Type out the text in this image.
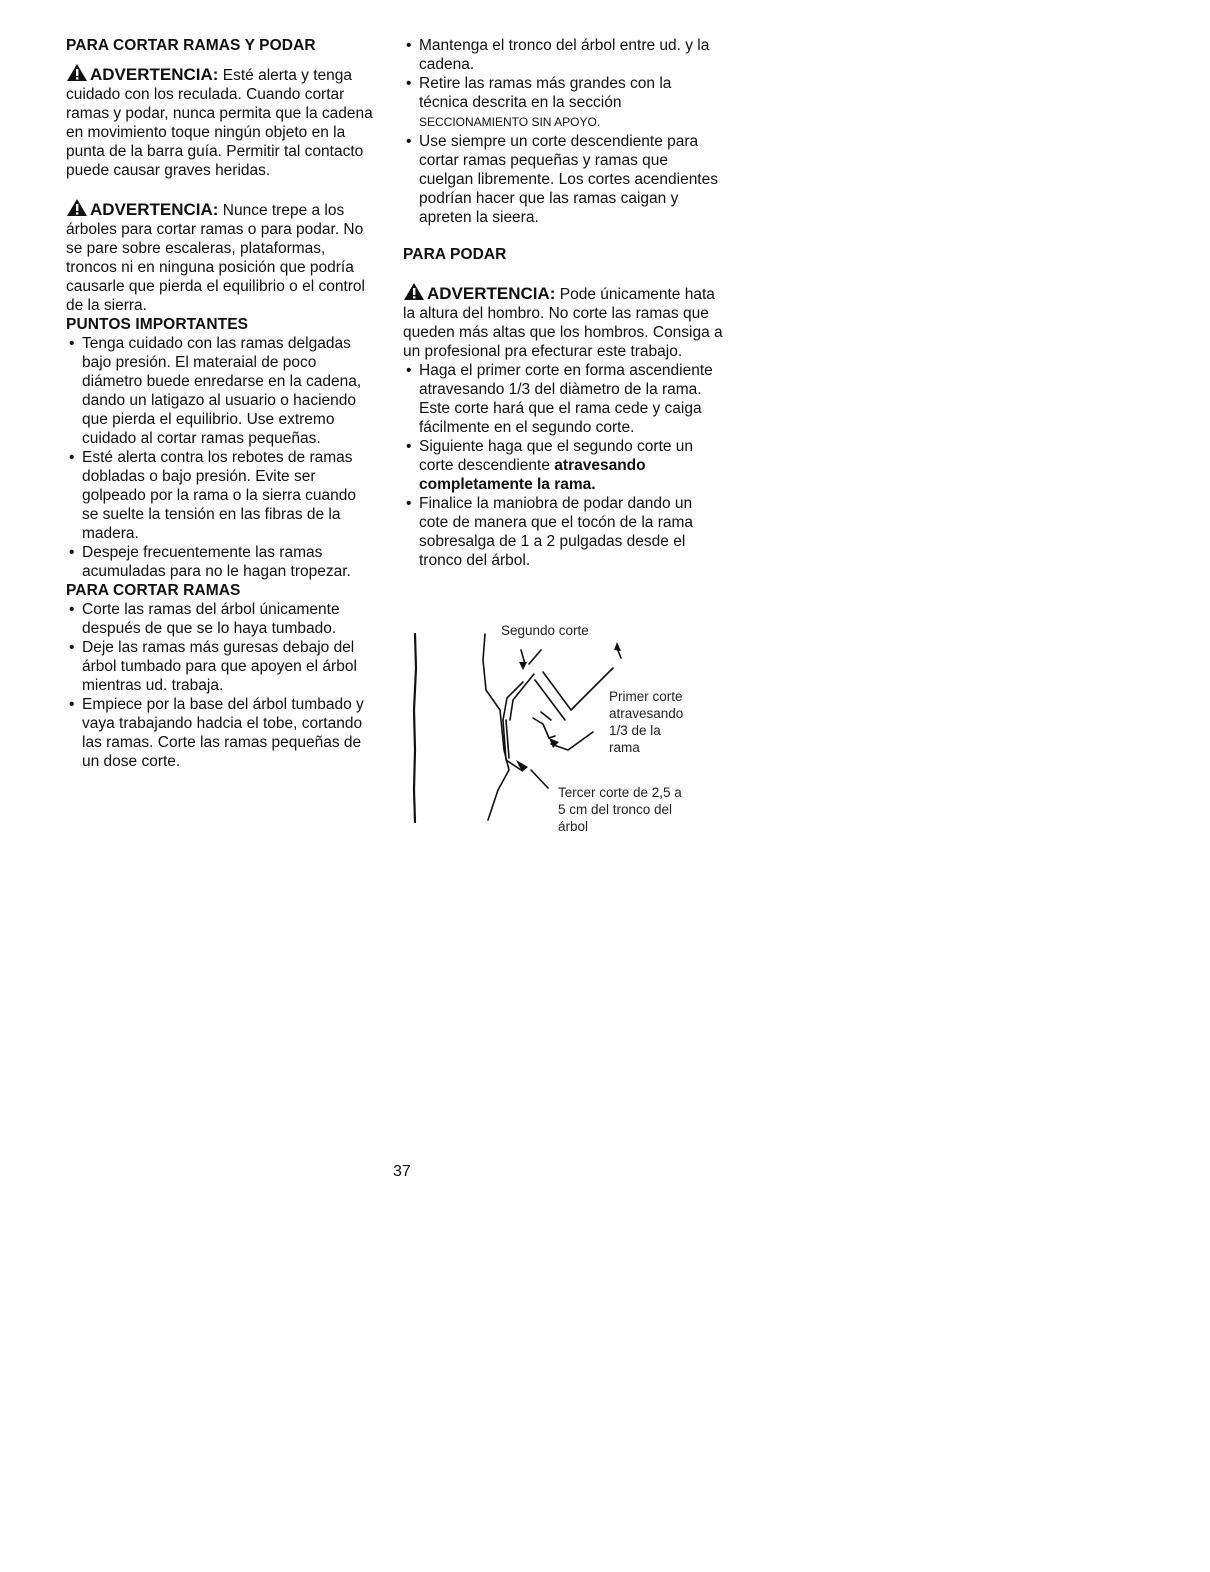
PARA CORTAR RAMAS Y PODAR

ADVERTENCIA: Esté alerta y tenga cuidado con los reculada. Cuando cortar ramas y podar, nunca permita que la cadena en movimiento toque ningún objeto en la punta de la barra guía. Permitir tal contacto puede causar graves heridas.

ADVERTENCIA: Nunce trepe a los árboles para cortar ramas o para podar. No se pare sobre escaleras, plataformas, troncos ni en ninguna posición que podría causarle que pierda el equilibrio o el control de la sierra.

PUNTOS IMPORTANTES

• Tenga cuidado con las ramas delgadas bajo presión. El materaial de poco diámetro buede enredarse en la cadena, dando un latigazo al usuario o haciendo que pierda el equilibrio. Use extremo cuidado al cortar ramas pequeñas.
• Esté alerta contra los rebotes de ramas dobladas o bajo presión. Evite ser golpeado por la rama o la sierra cuando se suelte la tensión en las fibras de la madera.
• Despeje frecuentemente las ramas acumuladas para no le hagan tropezar.

PARA CORTAR RAMAS

• Corte las ramas del árbol únicamente después de que se lo haya tumbado.
• Deje las ramas más guresas debajo del árbol tumbado para que apoyen el árbol mientras ud. trabaja.
• Empiece por la base del árbol tumbado y vaya trabajando hadcia el tobe, cortando las ramas. Corte las ramas pequeñas de un dose corte.
• Mantenga el tronco del árbol entre ud. y la cadena.
• Retire las ramas más grandes con la técnica descrita en la sección SECCIONAMIENTO SIN APOYO.
• Use siempre un corte descendiente para cortar ramas pequeñas y ramas que cuelgan libremente. Los cortes acendientes podrían hacer que las ramas caigan y apreten la sieera.

PARA PODAR

ADVERTENCIA: Pode únicamente hata la altura del hombro. No corte las ramas que queden más altas que los hombros. Consiga a un profesional pra efecturar este trabajo.

• Haga el primer corte en forma ascendiente atravesando 1/3 del diàmetro de la rama. Este corte hará que el rama cede y caiga fácilmente en el segundo corte.
• Siguiente haga que el segundo corte un corte descendiente atravesando completamente la rama.
• Finalice la maniobra de podar dando un cote de manera que el tocón de la rama sobresalga de 1 a 2 pulgadas desde el tronco del árbol.
Segundo corte
Primer corte
atravesando
1/3 de la
rama
Tercer corte de 2,5 a
5 cm del tronco del
árbol
37
